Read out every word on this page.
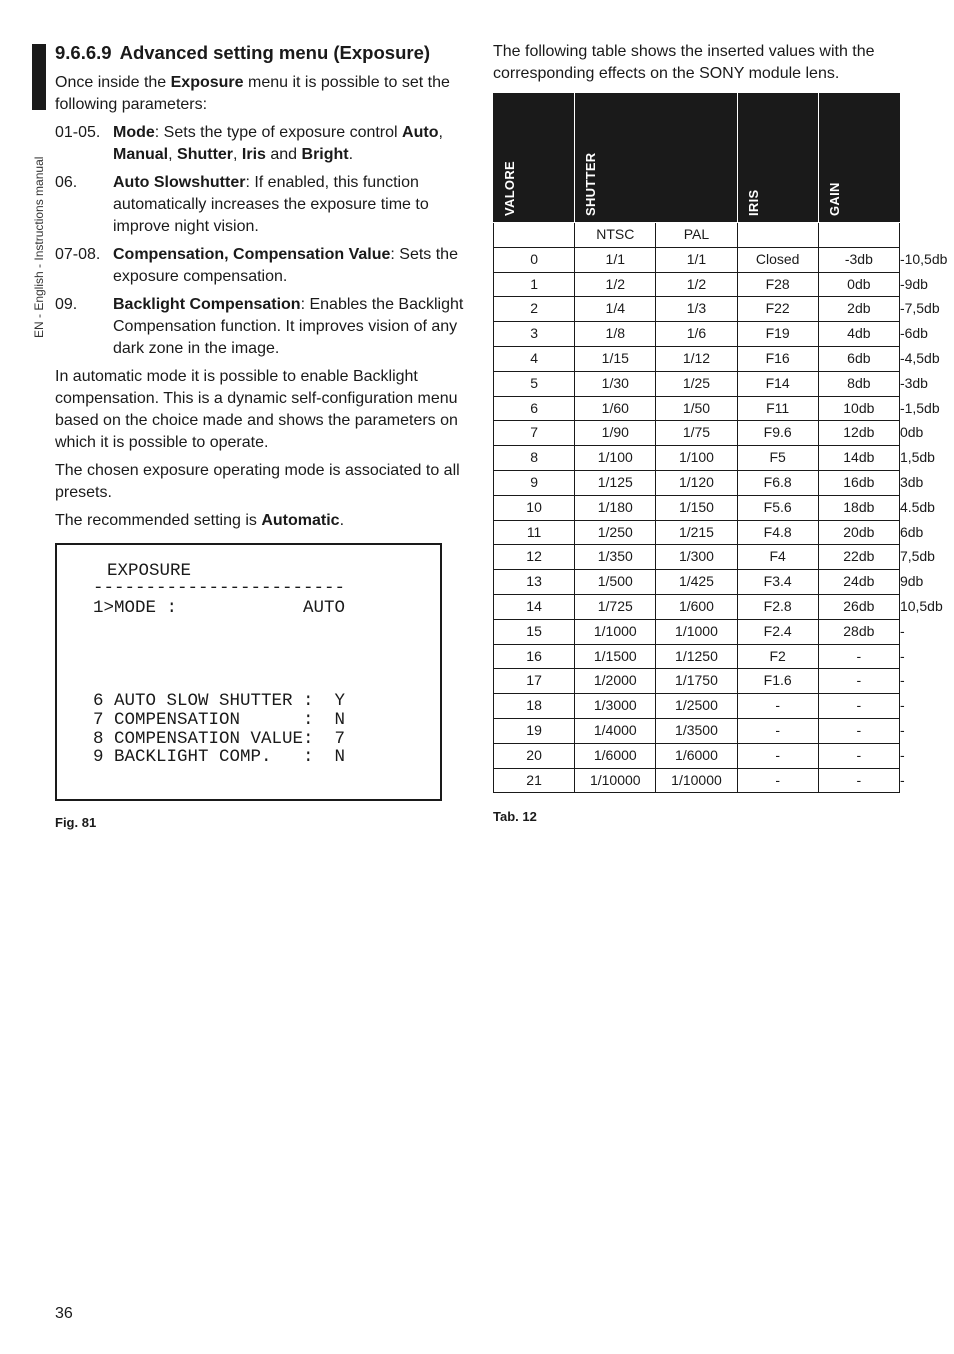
EN - English - Instructions manual
9.6.6.9 Advanced setting menu (Exposure)

Once inside the Exposure menu it is possible to set the following parameters:

01-05. Mode: Sets the type of exposure control Auto, Manual, Shutter, Iris and Bright.
06.	Auto Slowshutter: If enabled, this function automatically increases the exposure time to improve night vision.
07-08. Compensation, Compensation Value: Sets the exposure compensation.
09.	Backlight Compensation: Enables the Backlight Compensation function. It improves vision of any dark zone in the image.

In automatic mode it is possible to enable Backlight compensation. This is a dynamic self-configuration menu based on the choice made and shows the parameters on which it is possible to operate.

The chosen exposure operating mode is associated to all presets.

The recommended setting is Automatic.

EXPOSURE
------------------------
1>MODE :            AUTO
6 AUTO SLOW SHUTTER :  Y
7 COMPENSATION      :  N
8 COMPENSATION VALUE:  7
9 BACKLIGHT COMP.   :  N
Fig. 81
The following table shows the inserted values with the corresponding effects on the SONY module lens.
VALORE	SHUTTER		IRIS	GAIN	EXPOSURE COMPENSATION

	NTSC	PAL			
0	1/1	1/1	Closed	-3db	-10,5db
1	1/2	1/2	F28	0db	-9db
2	1/4	1/3	F22	2db	-7,5db
3	1/8	1/6	F19	4db	-6db
4	1/15	1/12	F16	6db	-4,5db
5	1/30	1/25	F14	8db	-3db
6	1/60	1/50	F11	10db	-1,5db
7	1/90	1/75	F9.6	12db	0db
8	1/100	1/100	F5	14db	1,5db
9	1/125	1/120	F6.8	16db	3db
10	1/180	1/150	F5.6	18db	4.5db
11	1/250	1/215	F4.8	20db	6db
12	1/350	1/300	F4	22db	7,5db
13	1/500	1/425	F3.4	24db	9db
14	1/725	1/600	F2.8	26db	10,5db
15	1/1000	1/1000	F2.4	28db	-
16	1/1500	1/1250	F2	-	-
17	1/2000	1/1750	F1.6	-	-
18	1/3000	1/2500	-	-	-
19	1/4000	1/3500	-	-	-
20	1/6000	1/6000	-	-	-
21	1/10000	1/10000	-	-	-
Tab. 12
36
